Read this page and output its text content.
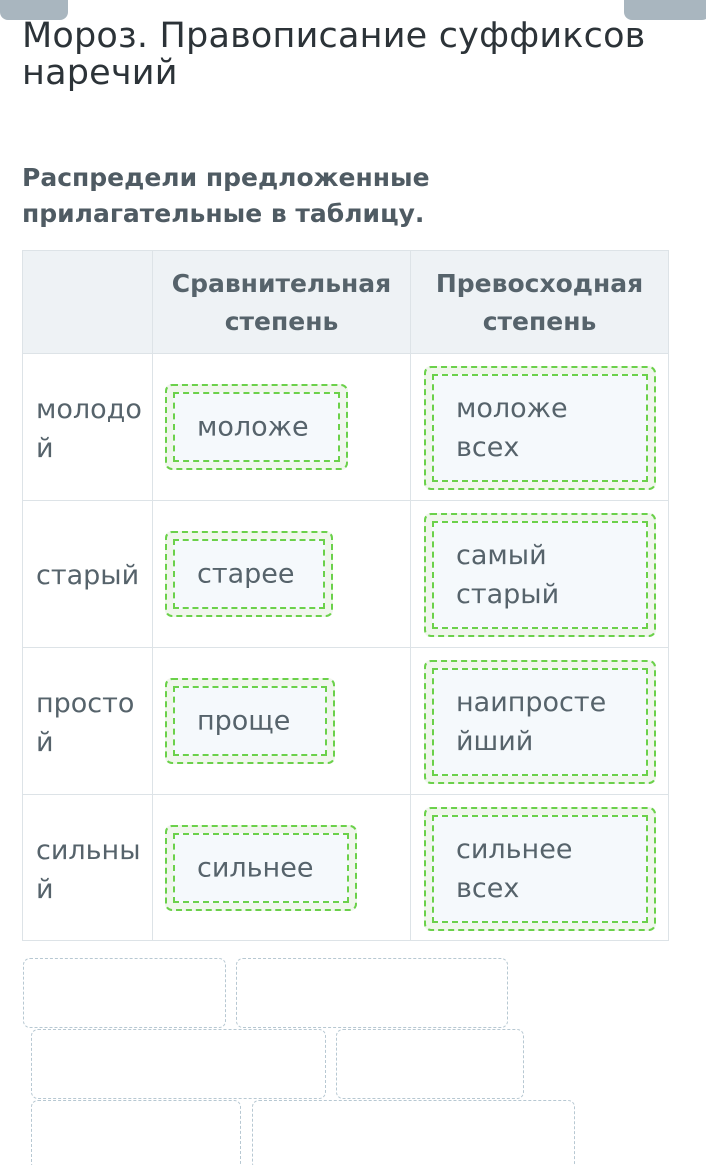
Мороз. Правописание суффиксов наречий
Распредели предложенные прилагательные в таблицу.
Сравнительная степень
Превосходная степень
молодой
моложе
моложе всех
старый старее
самый старый
простой
проще
наипростейший
сильный
сильнее
сильнее всех
